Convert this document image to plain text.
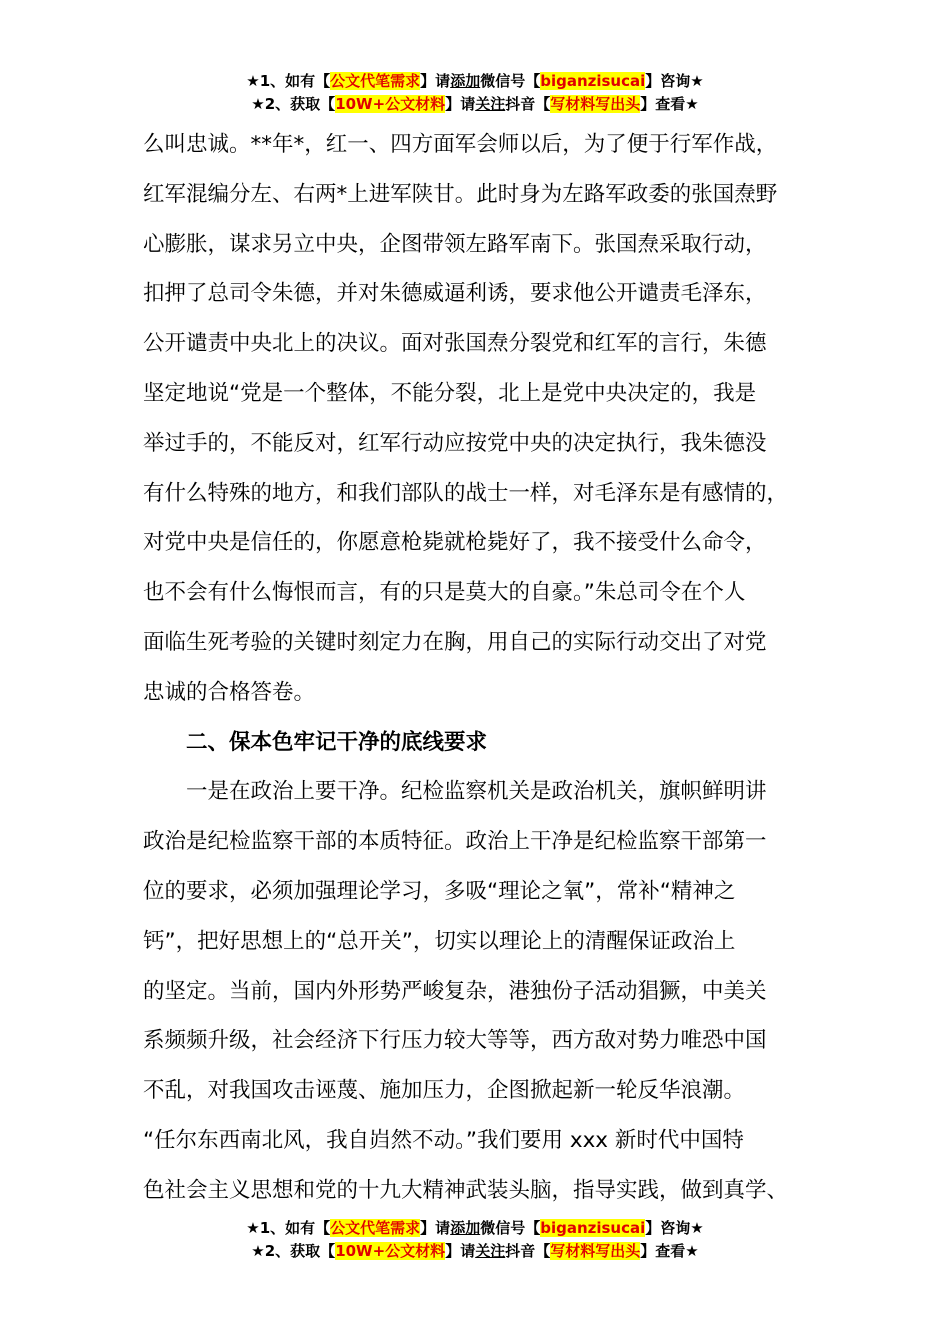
★1、如有【公文代笔需求】请添加微信号【biganzisucai】咨询★
★2、获取【10W+公文材料】请关注抖音【写材料写出头】查看★
么叫忠诚。**年*，红一、四方面军会师以后，为了便于行军作战，
红军混编分左、右两*上进军陕甘。此时身为左路军政委的张国焘野
心膨胀，谋求另立中央，企图带领左路军南下。张国焘采取行动，
扣押了总司令朱德，并对朱德威逼利诱，要求他公开谴责毛泽东，
公开谴责中央北上的决议。面对张国焘分裂党和红军的言行，朱德
坚定地说“党是一个整体，不能分裂，北上是党中央决定的，我是
举过手的，不能反对，红军行动应按党中央的决定执行，我朱德没
有什么特殊的地方，和我们部队的战士一样，对毛泽东是有感情的，
对党中央是信任的，你愿意枪毙就枪毙好了，我不接受什么命令，
也不会有什么悔恨而言，有的只是莫大的自豪。”朱总司令在个人
面临生死考验的关键时刻定力在胸，用自己的实际行动交出了对党
忠诚的合格答卷。
　　二、保本色牢记干净的底线要求
　　一是在政治上要干净。纪检监察机关是政治机关，旗帜鲜明讲
政治是纪检监察干部的本质特征。政治上干净是纪检监察干部第一
位的要求，必须加强理论学习，多吸“理论之氧”，常补“精神之
钙”，把好思想上的“总开关”，切实以理论上的清醒保证政治上
的坚定。当前，国内外形势严峻复杂，港独份子活动猖獗，中美关
系频频升级，社会经济下行压力较大等等，西方敌对势力唯恐中国
不乱，对我国攻击诬蔑、施加压力，企图掀起新一轮反华浪潮。
“任尔东西南北风，我自岿然不动。”我们要用 xxx 新时代中国特
色社会主义思想和党的十九大精神武装头脑，指导实践，做到真学、
★1、如有【公文代笔需求】请添加微信号【biganzisucai】咨询★
★2、获取【10W+公文材料】请关注抖音【写材料写出头】查看★
